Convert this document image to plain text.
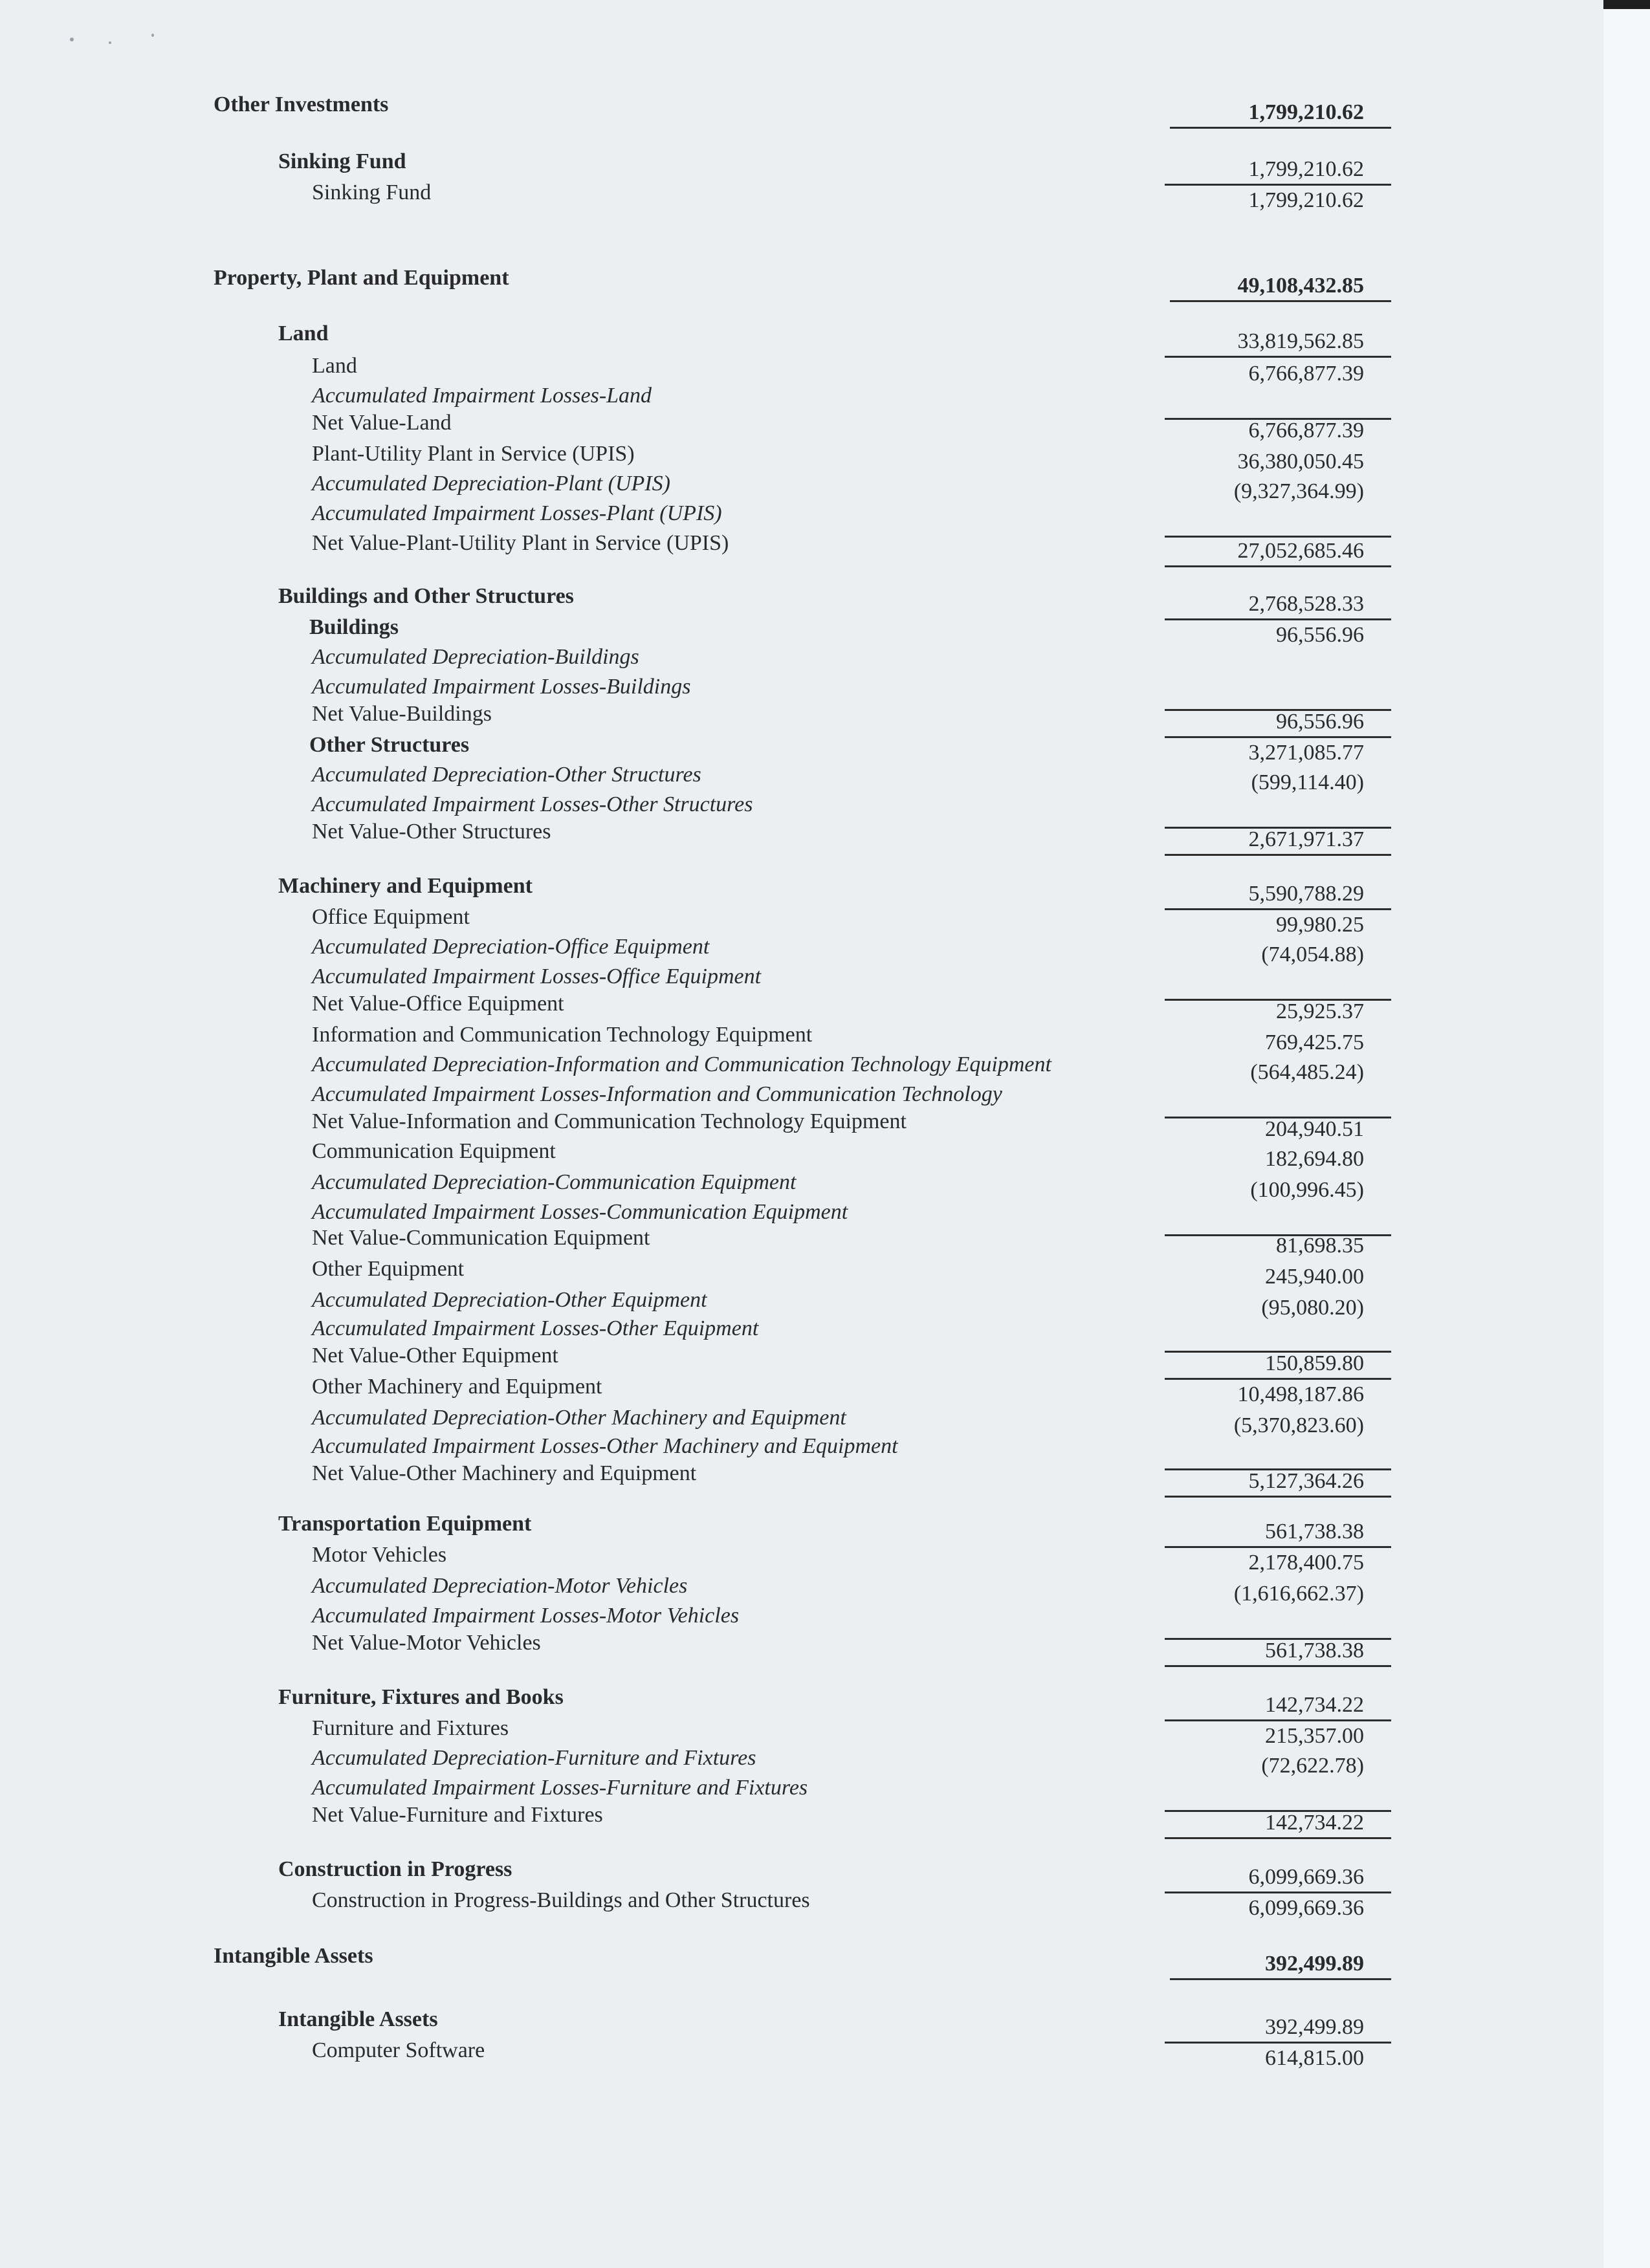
Other Investments	1,799,210.62
Sinking Fund	1,799,210.62
Sinking Fund	1,799,210.62
Property, Plant and Equipment	49,108,432.85
Land	33,819,562.85
Land	6,766,877.39
Accumulated Impairment Losses-Land
Net Value-Land	6,766,877.39
Plant-Utility Plant in Service (UPIS)	36,380,050.45
Accumulated Depreciation-Plant (UPIS)	(9,327,364.99)
Accumulated Impairment Losses-Plant (UPIS)
Net Value-Plant-Utility Plant in Service (UPIS)	27,052,685.46
Buildings and Other Structures	2,768,528.33
Buildings	96,556.96
Accumulated Depreciation-Buildings
Accumulated Impairment Losses-Buildings
Net Value-Buildings	96,556.96
Other Structures	3,271,085.77
Accumulated Depreciation-Other Structures	(599,114.40)
Accumulated Impairment Losses-Other Structures
Net Value-Other Structures	2,671,971.37
Machinery and Equipment	5,590,788.29
Office Equipment	99,980.25
Accumulated Depreciation-Office Equipment	(74,054.88)
Accumulated Impairment Losses-Office Equipment
Net Value-Office Equipment	25,925.37
Information and Communication Technology Equipment	769,425.75
Accumulated Depreciation-Information and Communication Technology Equipment	(564,485.24)
Accumulated Impairment Losses-Information and Communication Technology
Net Value-Information and Communication Technology Equipment	204,940.51
Communication Equipment	182,694.80
Accumulated Depreciation-Communication Equipment	(100,996.45)
Accumulated Impairment Losses-Communication Equipment
Net Value-Communication Equipment	81,698.35
Other Equipment	245,940.00
Accumulated Depreciation-Other Equipment	(95,080.20)
Accumulated Impairment Losses-Other Equipment
Net Value-Other Equipment	150,859.80
Other Machinery and Equipment	10,498,187.86
Accumulated Depreciation-Other Machinery and Equipment	(5,370,823.60)
Accumulated Impairment Losses-Other Machinery and Equipment
Net Value-Other Machinery and Equipment	5,127,364.26
Transportation Equipment	561,738.38
Motor Vehicles	2,178,400.75
Accumulated Depreciation-Motor Vehicles	(1,616,662.37)
Accumulated Impairment Losses-Motor Vehicles
Net Value-Motor Vehicles	561,738.38
Furniture, Fixtures and Books	142,734.22
Furniture and Fixtures	215,357.00
Accumulated Depreciation-Furniture and Fixtures	(72,622.78)
Accumulated Impairment Losses-Furniture and Fixtures
Net Value-Furniture and Fixtures	142,734.22
Construction in Progress	6,099,669.36
Construction in Progress-Buildings and Other Structures	6,099,669.36
Intangible Assets	392,499.89
Intangible Assets	392,499.89
Computer Software	614,815.00
